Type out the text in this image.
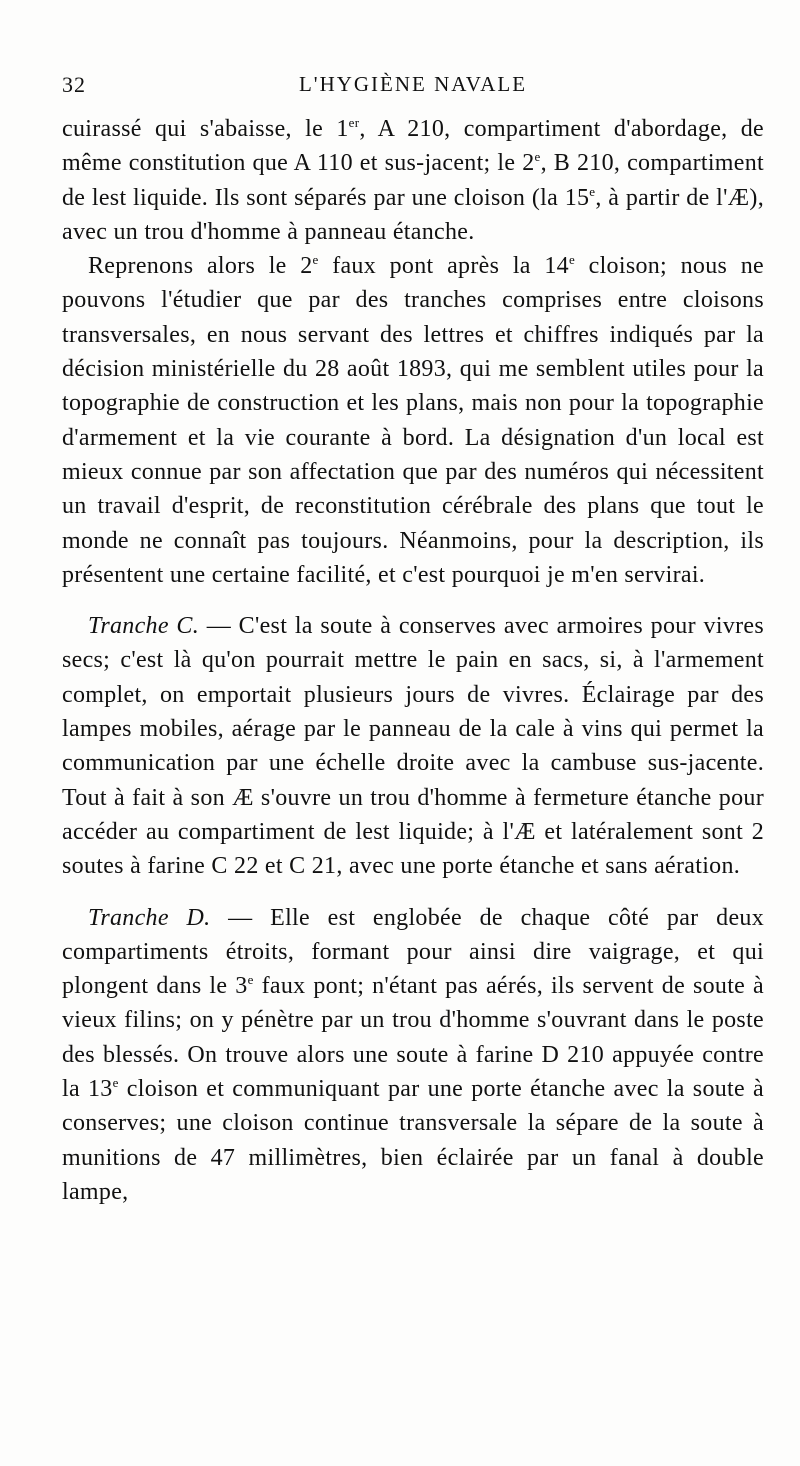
32	L'HYGIÈNE NAVALE

cuirassé qui s'abaisse, le 1er, A 210, compartiment d'abordage, de même constitution que A 110 et sus-jacent; le 2e, B 210, compartiment de lest liquide. Ils sont séparés par une cloison (la 15e, à partir de l'Æ), avec un trou d'homme à panneau étanche.

Reprenons alors le 2e faux pont après la 14e cloison; nous ne pouvons l'étudier que par des tranches comprises entre cloisons transversales, en nous servant des lettres et chiffres indiqués par la décision ministérielle du 28 août 1893, qui me semblent utiles pour la topographie de construction et les plans, mais non pour la topographie d'armement et la vie courante à bord. La désignation d'un local est mieux connue par son affectation que par des numéros qui nécessitent un travail d'esprit, de reconstitution cérébrale des plans que tout le monde ne connaît pas toujours. Néanmoins, pour la description, ils présentent une certaine facilité, et c'est pourquoi je m'en servirai.

Tranche C. — C'est la soute à conserves avec armoires pour vivres secs; c'est là qu'on pourrait mettre le pain en sacs, si, à l'armement complet, on emportait plusieurs jours de vivres. Éclairage par des lampes mobiles, aérage par le panneau de la cale à vins qui permet la communication par une échelle droite avec la cambuse sus-jacente. Tout à fait à son Æ s'ouvre un trou d'homme à fermeture étanche pour accéder au compartiment de lest liquide; à l'Æ et latéralement sont 2 soutes à farine C 22 et C 21, avec une porte étanche et sans aération.

Tranche D. — Elle est englobée de chaque côté par deux compartiments étroits, formant pour ainsi dire vaigrage, et qui plongent dans le 3e faux pont; n'étant pas aérés, ils servent de soute à vieux filins; on y pénètre par un trou d'homme s'ouvrant dans le poste des blessés. On trouve alors une soute à farine D 210 appuyée contre la 13e cloison et communiquant par une porte étanche avec la soute à conserves; une cloison continue transversale la sépare de la soute à munitions de 47 millimètres, bien éclairée par un fanal à double lampe,
